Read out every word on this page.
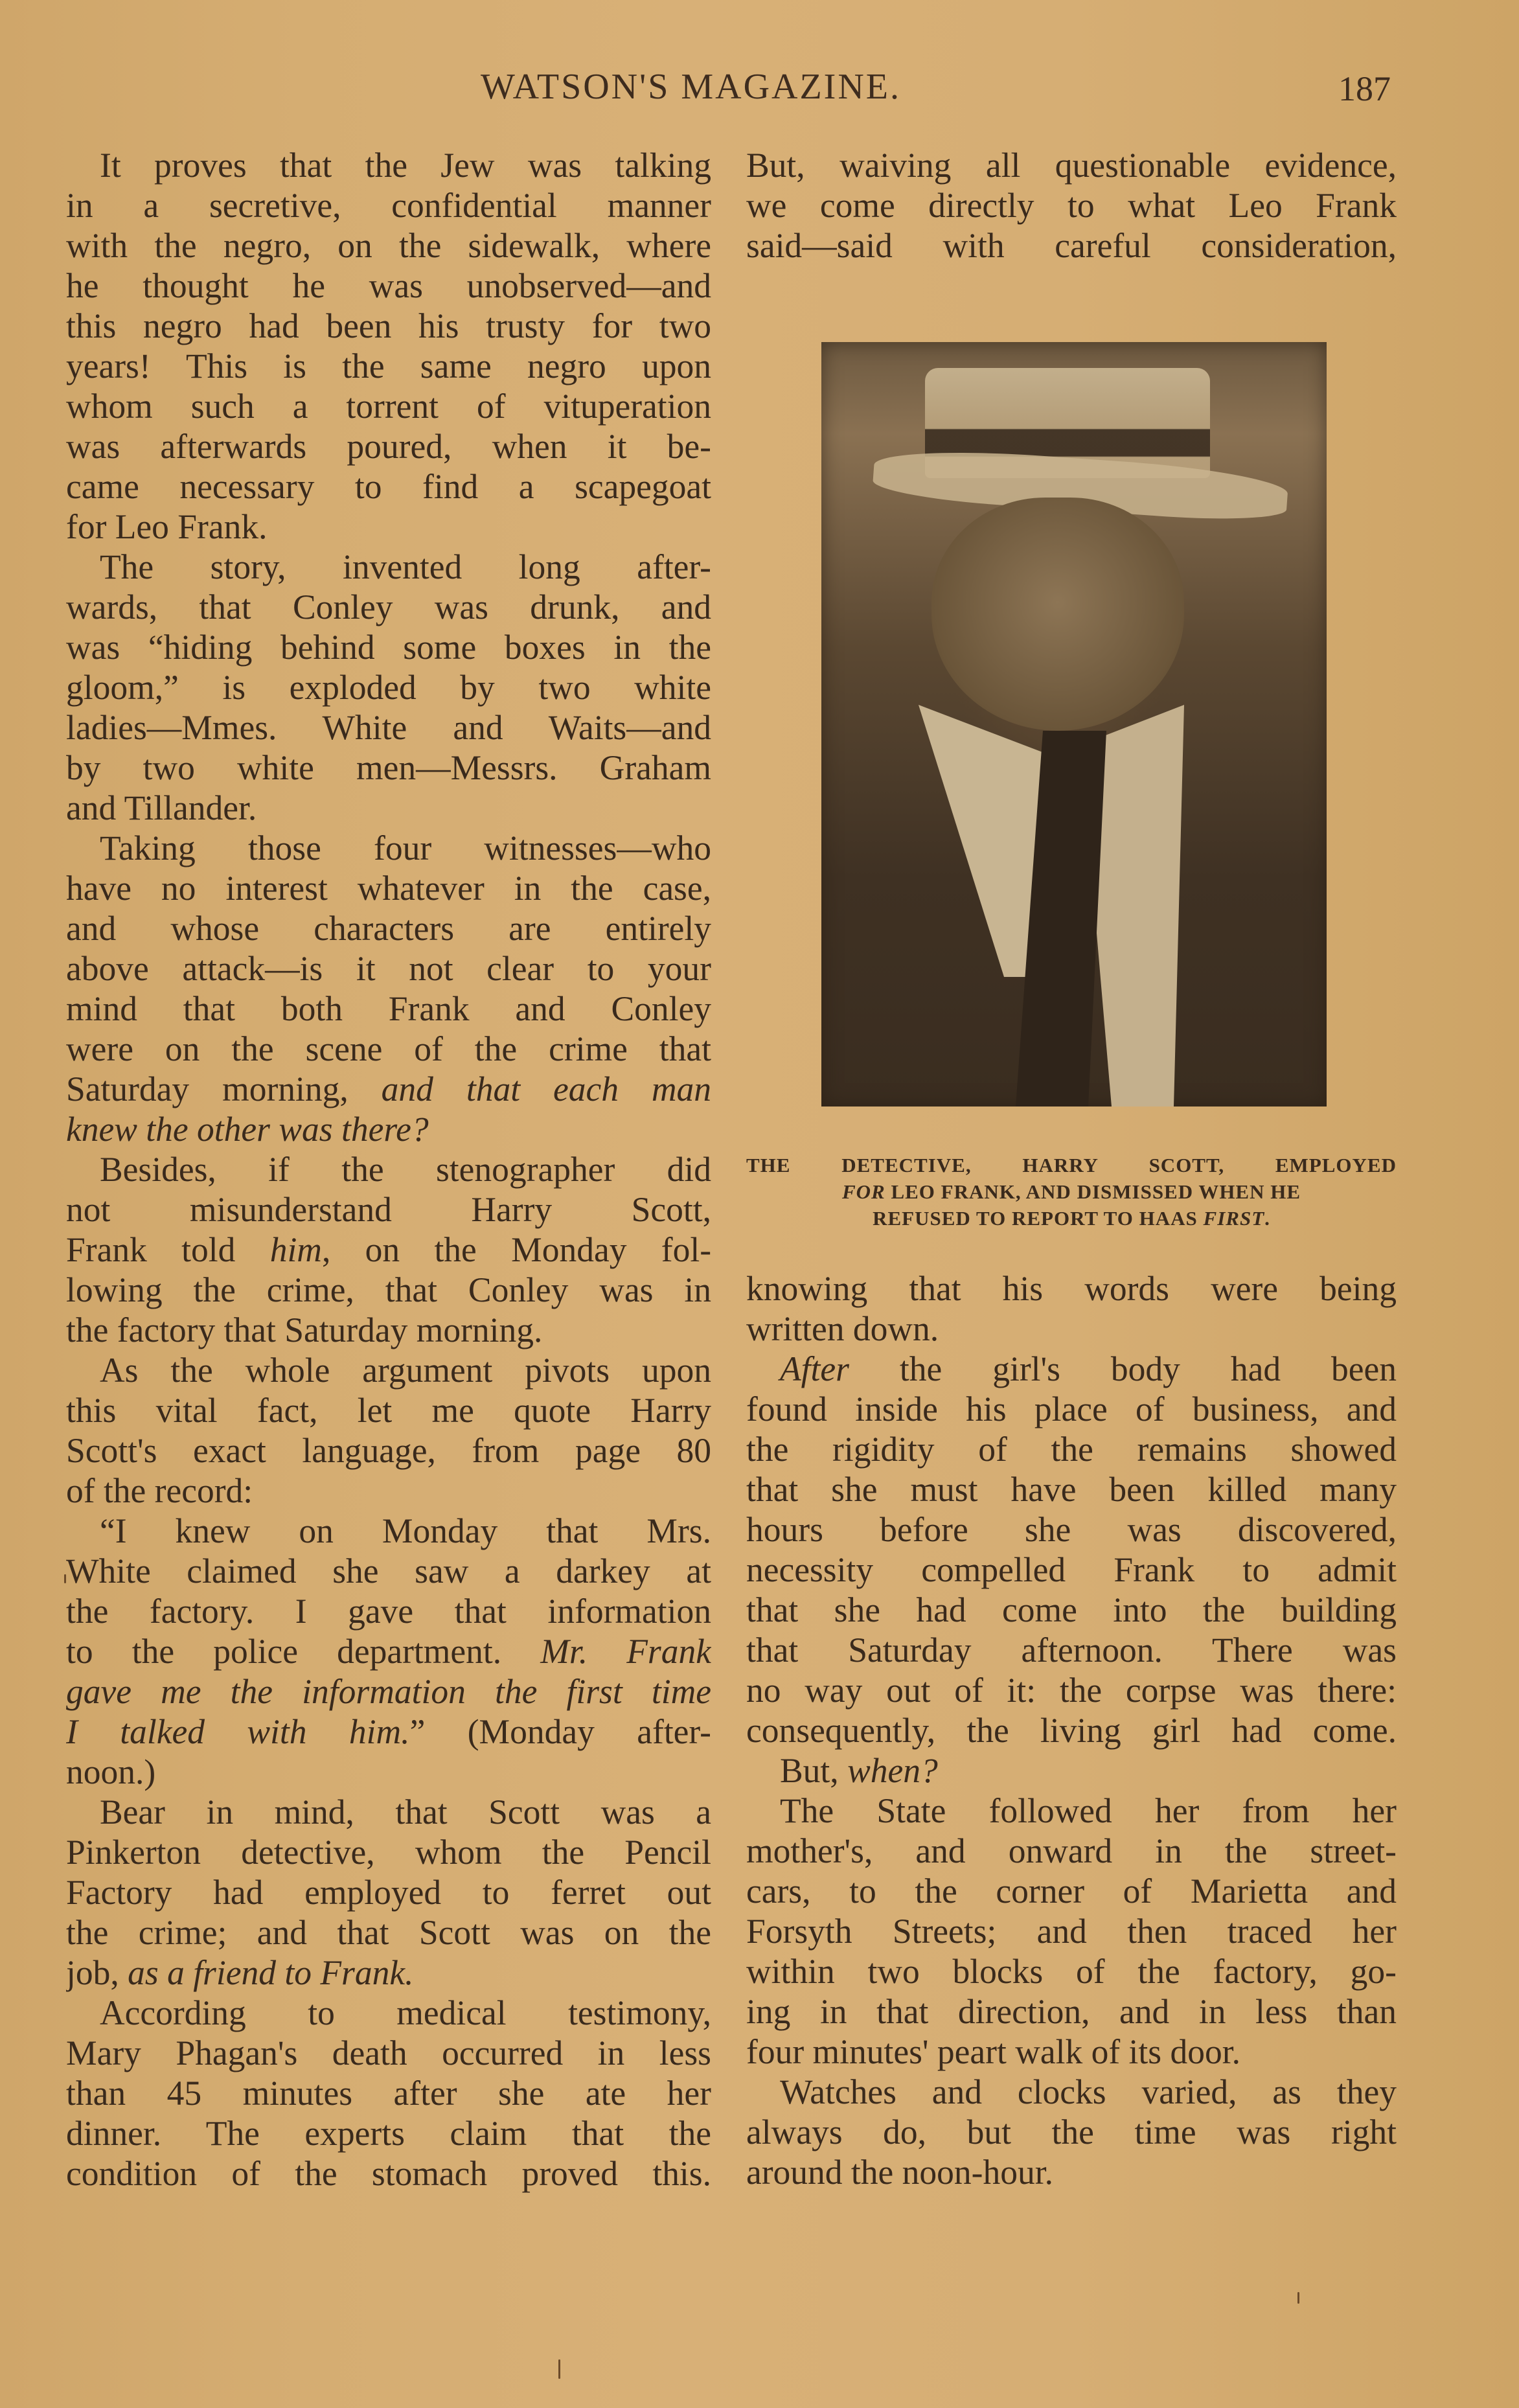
WATSON'S MAGAZINE.	187
It proves that the Jew was talking
in a secretive, confidential manner
with the negro, on the sidewalk, where
he thought he was unobserved—and
this negro had been his trusty for two
years! This is the same negro upon
whom such a torrent of vituperation
was afterwards poured, when it be-
came necessary to find a scapegoat
for Leo Frank.
The story, invented long after-
wards, that Conley was drunk, and
was “hiding behind some boxes in the
gloom,” is exploded by two white
ladies—Mmes. White and Waits—and
by two white men—Messrs. Graham
and Tillander.
Taking those four witnesses—who
have no interest whatever in the case,
and whose characters are entirely
above attack—is it not clear to your
mind that both Frank and Conley
were on the scene of the crime that
Saturday morning, and that each man
knew the other was there?
Besides, if the stenographer did
not misunderstand Harry Scott,
Frank told him, on the Monday fol-
lowing the crime, that Conley was in
the factory that Saturday morning.
As the whole argument pivots upon
this vital fact, let me quote Harry
Scott's exact language, from page 80
of the record:
“I knew on Monday that Mrs.
White claimed she saw a darkey at
the factory. I gave that information
to the police department. Mr. Frank
gave me the information the first time
I talked with him.” (Monday after-
noon.)
Bear in mind, that Scott was a
Pinkerton detective, whom the Pencil
Factory had employed to ferret out
the crime; and that Scott was on the
job, as a friend to Frank.
According to medical testimony,
Mary Phagan's death occurred in less
than 45 minutes after she ate her
dinner. The experts claim that the
condition of the stomach proved this.
But, waiving all questionable evidence,
we come directly to what Leo Frank
said—said with careful consideration,
THE DETECTIVE, HARRY SCOTT, EMPLOYED
FOR LEO FRANK, AND DISMISSED WHEN HE
REFUSED TO REPORT TO HAAS FIRST.
knowing that his words were being
written down.
After the girl's body had been
found inside his place of business, and
the rigidity of the remains showed
that she must have been killed many
hours before she was discovered,
necessity compelled Frank to admit
that she had come into the building
that Saturday afternoon. There was
no way out of it: the corpse was there:
consequently, the living girl had come.
But, when?
The State followed her from her
mother's, and onward in the street-
cars, to the corner of Marietta and
Forsyth Streets; and then traced her
within two blocks of the factory, go-
ing in that direction, and in less than
four minutes' peart walk of its door.
Watches and clocks varied, as they
always do, but the time was right
around the noon-hour.
